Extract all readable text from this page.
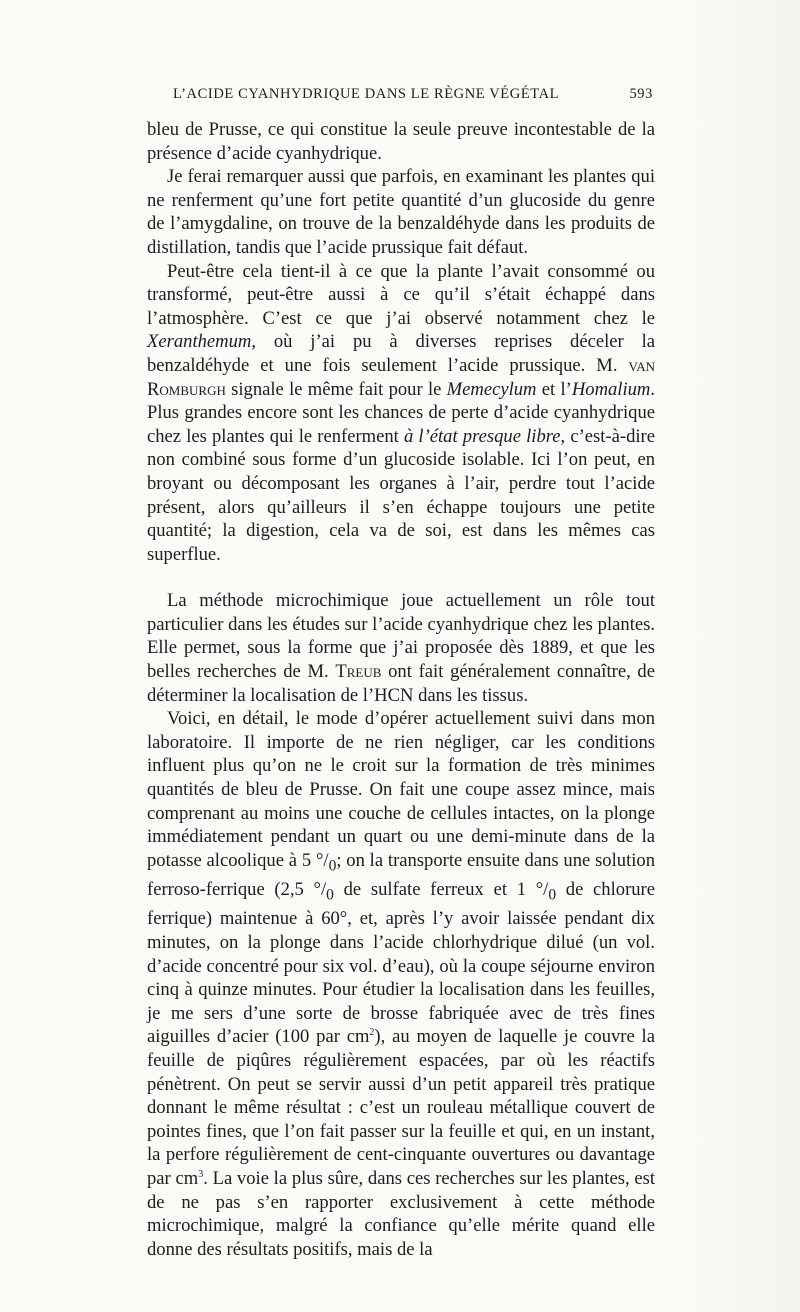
L’ACIDE CYANHYDRIQUE DANS LE RÈGNE VÉGÉTAL	593

bleu de Prusse, ce qui constitue la seule preuve incontestable de la présence d’acide cyanhydrique.

Je ferai remarquer aussi que parfois, en examinant les plantes qui ne renferment qu’une fort petite quantité d’un glucoside du genre de l’amygdaline, on trouve de la benzaldéhyde dans les produits de distillation, tandis que l’acide prussique fait défaut.

Peut-être cela tient-il à ce que la plante l’avait consommé ou transformé, peut-être aussi à ce qu’il s’était échappé dans l’atmosphère. C’est ce que j’ai observé notamment chez le Xeranthemum, où j’ai pu à diverses reprises déceler la benzaldéhyde et une fois seulement l’acide prussique. M. van Romburgh signale le même fait pour le Memecylum et l’Homalium. Plus grandes encore sont les chances de perte d’acide cyanhydrique chez les plantes qui le renferment à l’état presque libre, c’est-à-dire non combiné sous forme d’un glucoside isolable. Ici l’on peut, en broyant ou décomposant les organes à l’air, perdre tout l’acide présent, alors qu’ailleurs il s’en échappe toujours une petite quantité; la digestion, cela va de soi, est dans les mêmes cas superflue.

La méthode microchimique joue actuellement un rôle tout particulier dans les études sur l’acide cyanhydrique chez les plantes. Elle permet, sous la forme que j’ai proposée dès 1889, et que les belles recherches de M. Treub ont fait généralement connaître, de déterminer la localisation de l’HCN dans les tissus.

Voici, en détail, le mode d’opérer actuellement suivi dans mon laboratoire. Il importe de ne rien négliger, car les conditions influent plus qu’on ne le croit sur la formation de très minimes quantités de bleu de Prusse. On fait une coupe assez mince, mais comprenant au moins une couche de cellules intactes, on la plonge immédiatement pendant un quart ou une demi-minute dans de la potasse alcoolique à 5 $^\circ/_0$; on la transporte ensuite dans une solution ferroso-ferrique (2,5 $^\circ/_0$ de sulfate ferreux et 1 $^\circ/_0$ de chlorure ferrique) maintenue à 60°, et, après l’y avoir laissée pendant dix minutes, on la plonge dans l’acide chlorhydrique dilué (un vol. d’acide concentré pour six vol. d’eau), où la coupe séjourne environ cinq à quinze minutes. Pour étudier la localisation dans les feuilles, je me sers d’une sorte de brosse fabriquée avec de très fines aiguilles d’acier (100 par $cm^2$), au moyen de laquelle je couvre la feuille de piqûres régulièrement espacées, par où les réactifs pénètrent. On peut se servir aussi d’un petit appareil très pratique donnant le même résultat : c’est un rouleau métallique couvert de pointes fines, que l’on fait passer sur la feuille et qui, en un instant, la perfore régulièrement de cent-cinquante ouvertures ou davantage par $cm^3$. La voie la plus sûre, dans ces recherches sur les plantes, est de ne pas s’en rapporter exclusivement à cette méthode microchimique, malgré la confiance qu’elle mérite quand elle donne des résultats positifs, mais de la
